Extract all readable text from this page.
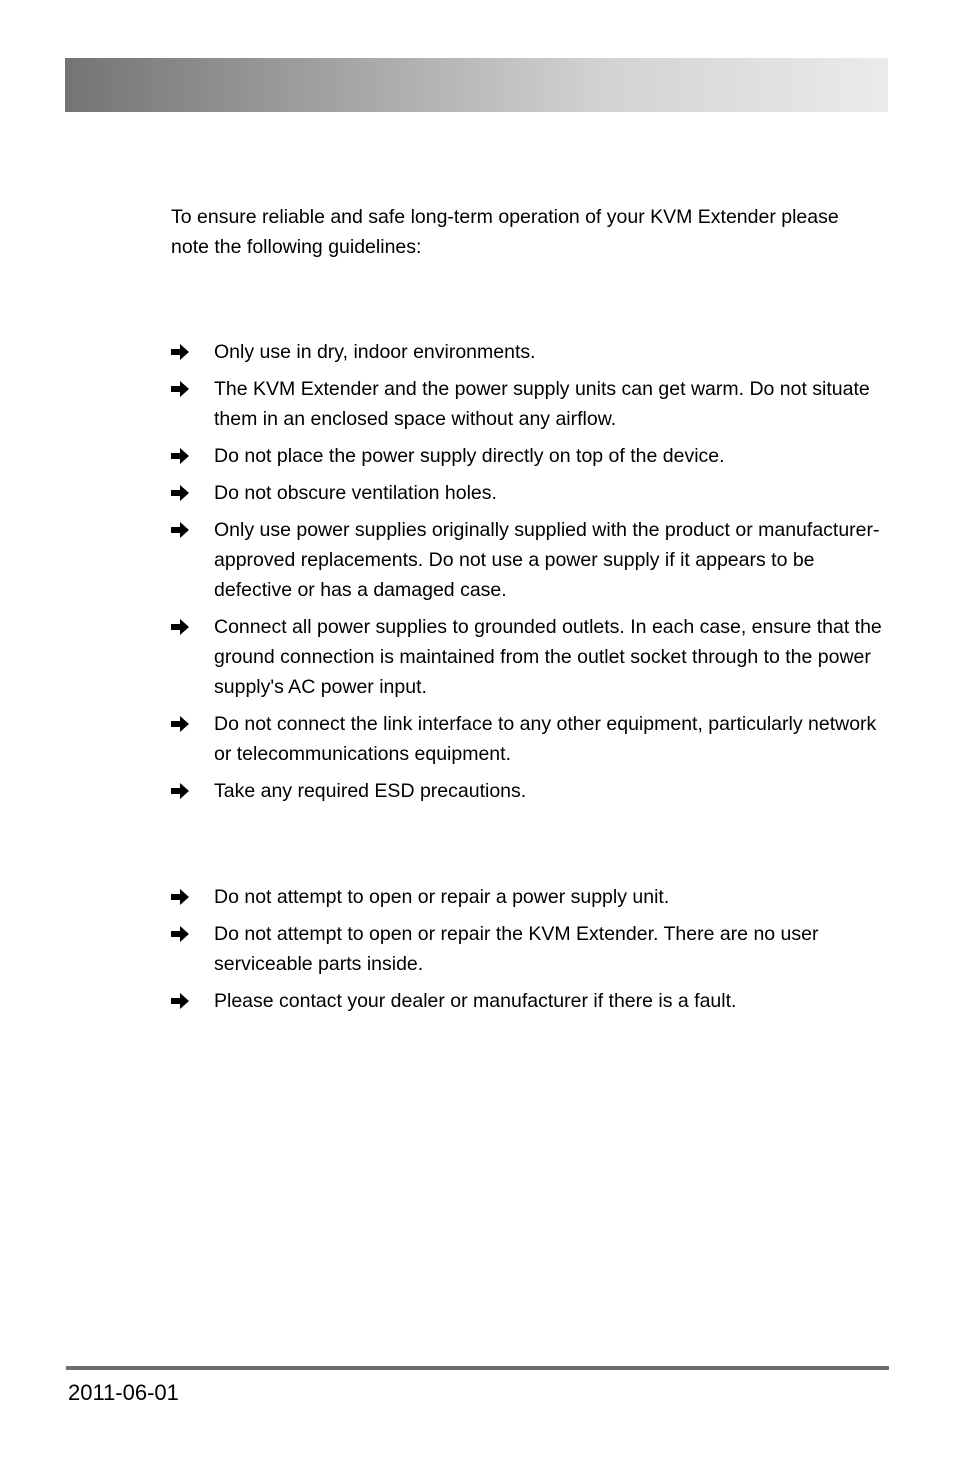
To ensure reliable and safe long-term operation of your KVM Extender please note the following guidelines:

Only use in dry, indoor environments.
The KVM Extender and the power supply units can get warm. Do not situate them in an enclosed space without any airflow.
Do not place the power supply directly on top of the device.
Do not obscure ventilation holes.
Only use power supplies originally supplied with the product or manufacturer-approved replacements. Do not use a power supply if it appears to be defective or has a damaged case.
Connect all power supplies to grounded outlets. In each case, ensure that the ground connection is maintained from the outlet socket through to the power supply's AC power input.
Do not connect the link interface to any other equipment, particularly network or telecommunications equipment.
Take any required ESD precautions.
Do not attempt to open or repair a power supply unit.
Do not attempt to open or repair the KVM Extender. There are no user serviceable parts inside.
Please contact your dealer or manufacturer if there is a fault.
2011-06-01
